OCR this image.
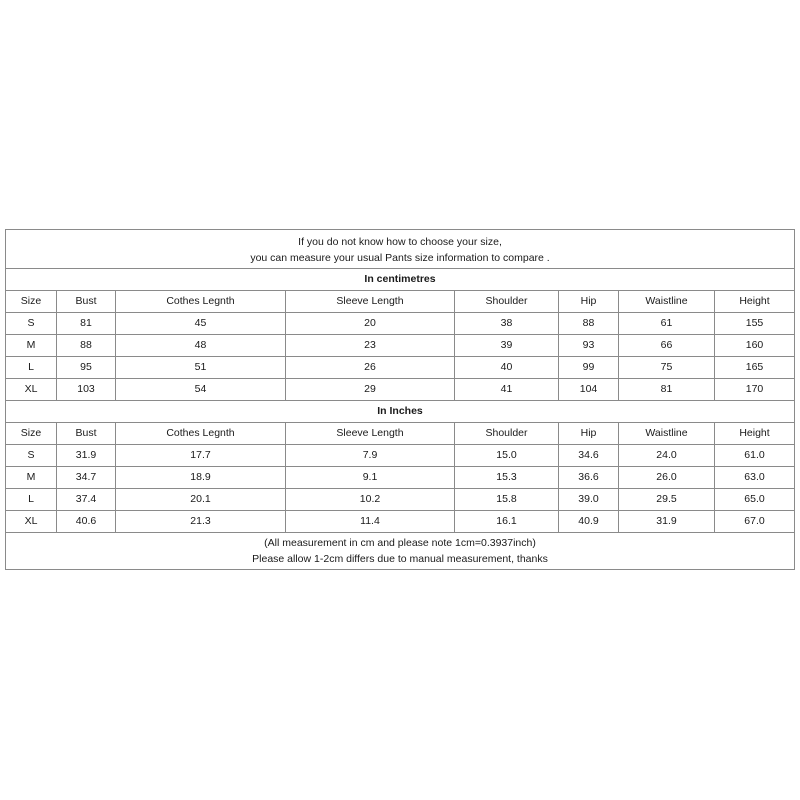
If you do not know how to choose your size,
you can measure your usual Pants size information to compare .							

In centimetres							
Size	Bust	Cothes Legnth	Sleeve Length	Shoulder	Hip	Waistline	Height
S	81	45	20	38	88	61	155
M	88	48	23	39	93	66	160
L	95	51	26	40	99	75	165
XL	103	54	29	41	104	81	170
In Inches							
Size	Bust	Cothes Legnth	Sleeve Length	Shoulder	Hip	Waistline	Height
S	31.9	17.7	7.9	15.0	34.6	24.0	61.0
M	34.7	18.9	9.1	15.3	36.6	26.0	63.0
L	37.4	20.1	10.2	15.8	39.0	29.5	65.0
XL	40.6	21.3	11.4	16.1	40.9	31.9	67.0

(All measurement in cm and please note 1cm=0.3937inch)
Please allow 1-2cm differs due to manual measurement, thanks							
